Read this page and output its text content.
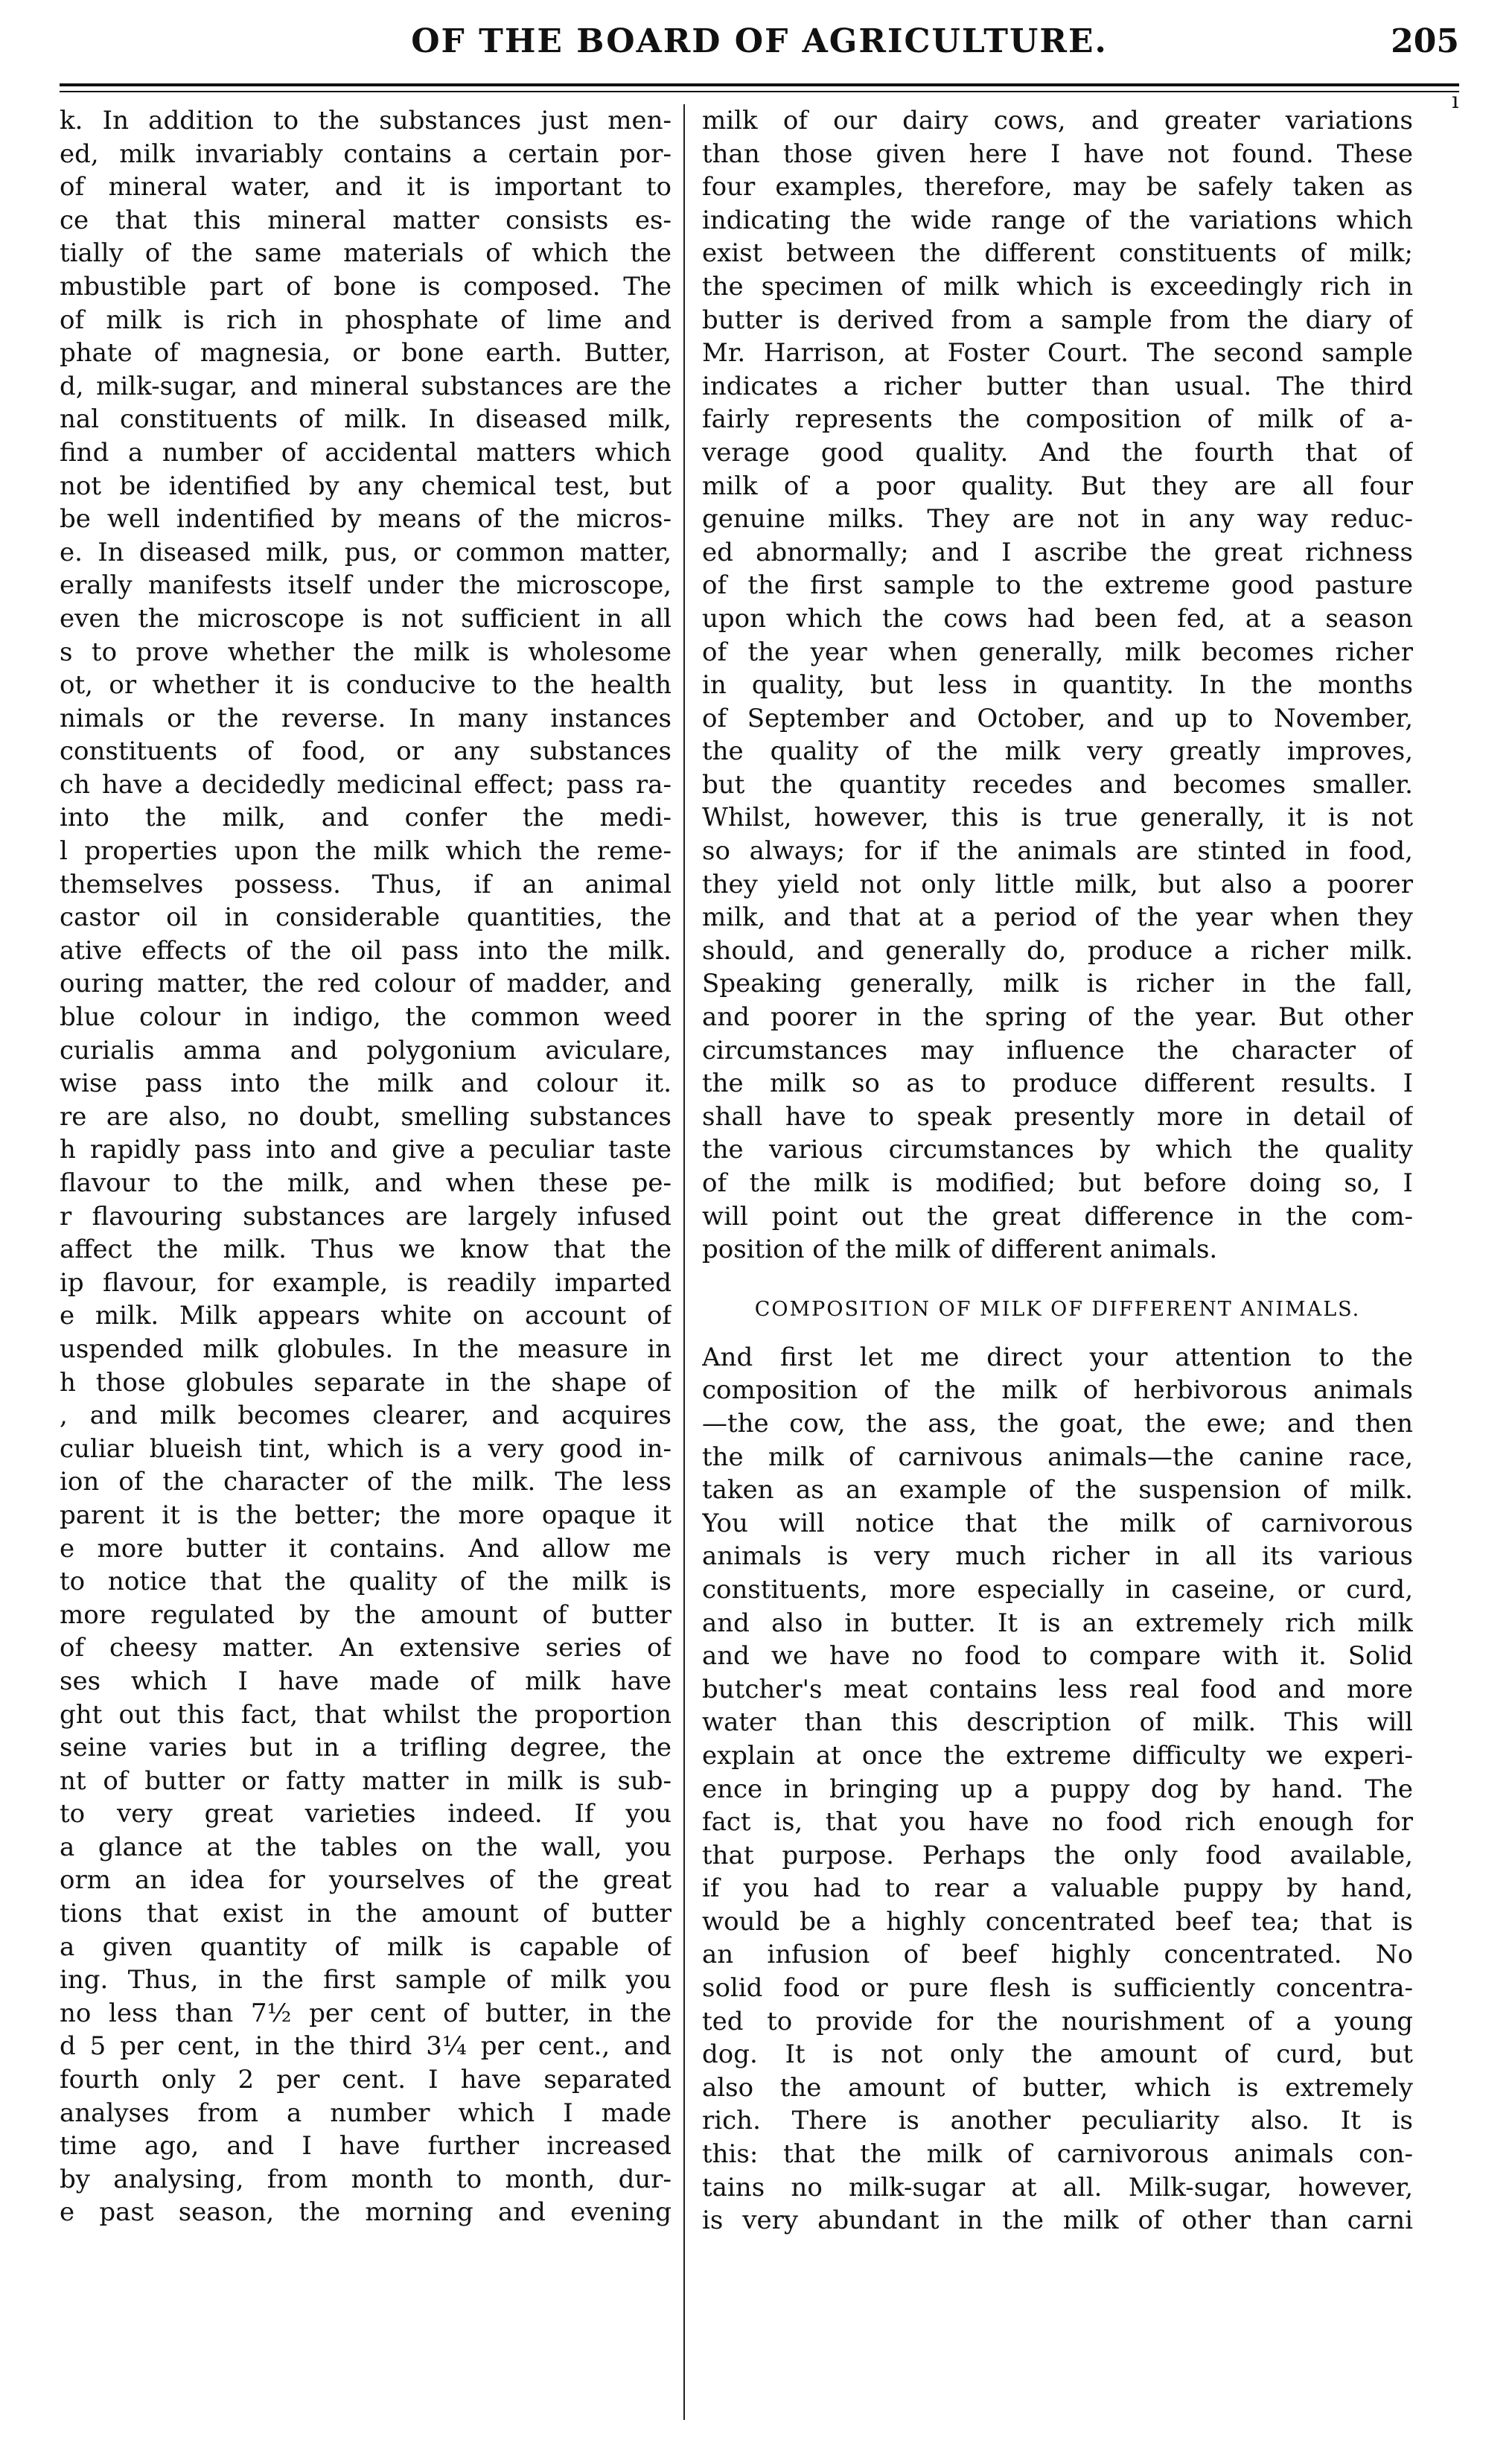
OF THE BOARD OF AGRICULTURE.	205
ı
k. In addition to the substances just men-
ed, milk invariably contains a certain por-
of mineral water, and it is important to
ce that this mineral matter consists es-
tially of the same materials of which the
mbustible part of bone is composed. The
of milk is rich in phosphate of lime and
phate of magnesia, or bone earth. Butter,
d, milk-sugar, and mineral substances are the
nal constituents of milk. In diseased milk,
find a number of accidental matters which
not be identified by any chemical test, but
be well indentified by means of the micros-
e. In diseased milk, pus, or common matter,
erally manifests itself under the microscope,
even the microscope is not sufficient in all
s to prove whether the milk is wholesome
ot, or whether it is conducive to the health
nimals or the reverse. In many instances
constituents of food, or any substances
ch have a decidedly medicinal effect; pass ra-
into the milk, and confer the medi-
l properties upon the milk which the reme-
themselves possess. Thus, if an animal
castor oil in considerable quantities, the
ative effects of the oil pass into the milk.
ouring matter, the red colour of madder, and
blue colour in indigo, the common weed
curialis amma and polygonium aviculare,
wise pass into the milk and colour it.
re are also, no doubt, smelling substances
h rapidly pass into and give a peculiar taste
flavour to the milk, and when these pe-
r flavouring substances are largely infused
affect the milk. Thus we know that the
ip flavour, for example, is readily imparted
e milk. Milk appears white on account of
uspended milk globules. In the measure in
h those globules separate in the shape of
, and milk becomes clearer, and acquires
culiar blueish tint, which is a very good in-
ion of the character of the milk. The less
parent it is the better; the more opaque it
e more butter it contains. And allow me
to notice that the quality of the milk is
more regulated by the amount of butter
of cheesy matter. An extensive series of
ses which I have made of milk have
ght out this fact, that whilst the proportion
seine varies but in a trifling degree, the
nt of butter or fatty matter in milk is sub-
to very great varieties indeed. If you
a glance at the tables on the wall, you
orm an idea for yourselves of the great
tions that exist in the amount of butter
a given quantity of milk is capable of
ing. Thus, in the first sample of milk you
no less than 7½ per cent of butter, in the
d 5 per cent, in the third 3¼ per cent., and
fourth only 2 per cent. I have separated
analyses from a number which I made
time ago, and I have further increased
by analysing, from month to month, dur-
e past season, the morning and evening
milk of our dairy cows, and greater variations
than those given here I have not found. These
four examples, therefore, may be safely taken as
indicating the wide range of the variations which
exist between the different constituents of milk;
the specimen of milk which is exceedingly rich in
butter is derived from a sample from the diary of
Mr. Harrison, at Foster Court. The second sample
indicates a richer butter than usual. The third
fairly represents the composition of milk of a-
verage good quality. And the fourth that of
milk of a poor quality. But they are all four
genuine milks. They are not in any way reduc-
ed abnormally; and I ascribe the great richness
of the first sample to the extreme good pasture
upon which the cows had been fed, at a season
of the year when generally, milk becomes richer
in quality, but less in quantity. In the months
of September and October, and up to November,
the quality of the milk very greatly improves,
but the quantity recedes and becomes smaller.
Whilst, however, this is true generally, it is not
so always; for if the animals are stinted in food,
they yield not only little milk, but also a poorer
milk, and that at a period of the year when they
should, and generally do, produce a richer milk.
Speaking generally, milk is richer in the fall,
and poorer in the spring of the year. But other
circumstances may influence the character of
the milk so as to produce different results. I
shall have to speak presently more in detail of
the various circumstances by which the quality
of the milk is modified; but before doing so, I
will point out the great difference in the com-
position of the milk of different animals.
COMPOSITION OF MILK OF DIFFERENT ANIMALS.
And first let me direct your attention to the
composition of the milk of herbivorous animals
—the cow, the ass, the goat, the ewe; and then
the milk of carnivous animals—the canine race,
taken as an example of the suspension of milk.
You will notice that the milk of carnivorous
animals is very much richer in all its various
constituents, more especially in caseine, or curd,
and also in butter. It is an extremely rich milk
and we have no food to compare with it. Solid
butcher's meat contains less real food and more
water than this description of milk. This will
explain at once the extreme difficulty we experi-
ence in bringing up a puppy dog by hand. The
fact is, that you have no food rich enough for
that purpose. Perhaps the only food available,
if you had to rear a valuable puppy by hand,
would be a highly concentrated beef tea; that is
an infusion of beef highly concentrated. No
solid food or pure flesh is sufficiently concentra-
ted to provide for the nourishment of a young
dog. It is not only the amount of curd, but
also the amount of butter, which is extremely
rich. There is another peculiarity also. It is
this: that the milk of carnivorous animals con-
tains no milk-sugar at all. Milk-sugar, however,
is very abundant in the milk of other than carni
